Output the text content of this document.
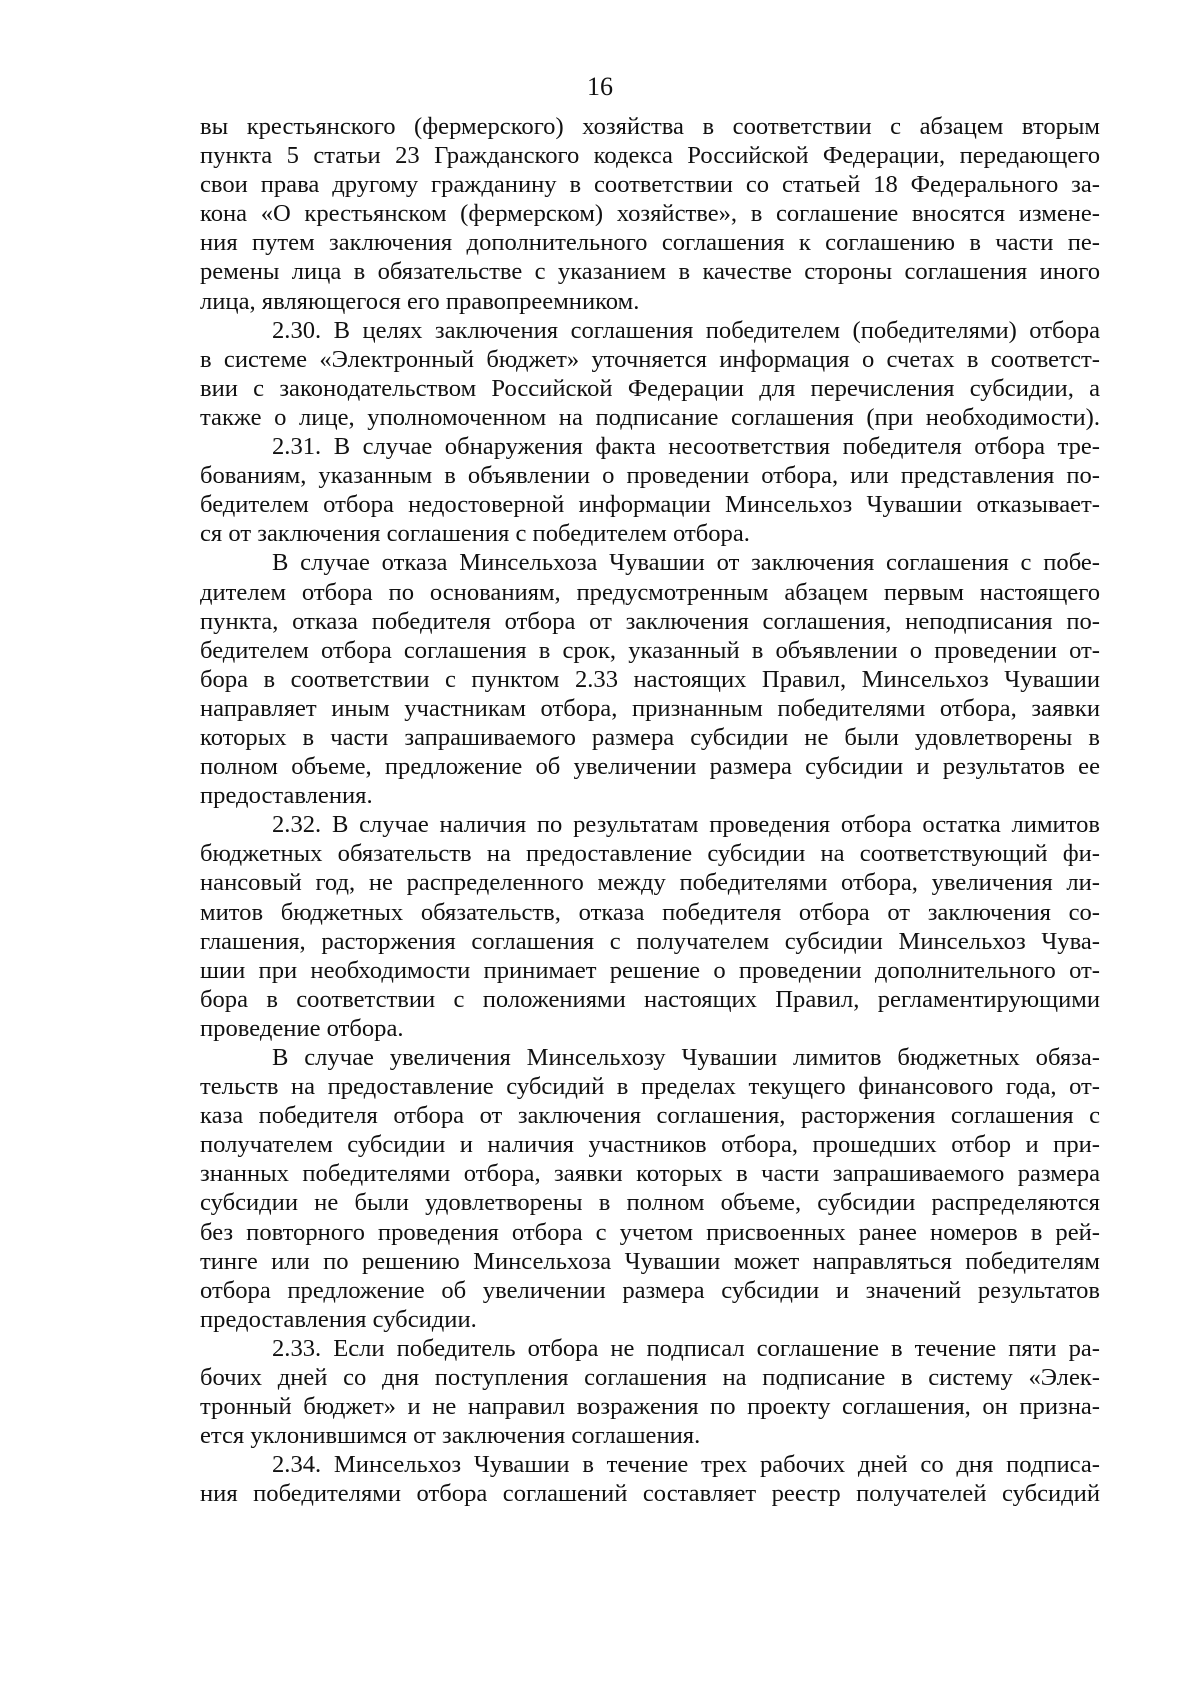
16
вы крестьянского (фермерского) хозяйства в соответствии с абзацем вторым
пункта 5 статьи 23 Гражданского кодекса Российской Федерации, передающего
свои права другому гражданину в соответствии со статьей 18 Федерального за-
кона «О крестьянском (фермерском) хозяйстве», в соглашение вносятся измене-
ния путем заключения дополнительного соглашения к соглашению в части пе-
ремены лица в обязательстве с указанием в качестве стороны соглашения иного
лица, являющегося его правопреемником.
2.30. В целях заключения соглашения победителем (победителями) отбора
в системе «Электронный бюджет» уточняется информация о счетах в соответст-
вии с законодательством Российской Федерации для перечисления субсидии, а
также о лице, уполномоченном на подписание соглашения (при необходимости).
2.31. В случае обнаружения факта несоответствия победителя отбора тре-
бованиям, указанным в объявлении о проведении отбора, или представления по-
бедителем отбора недостоверной информации Минсельхоз Чувашии отказывает-
ся от заключения соглашения с победителем отбора.
В случае отказа Минсельхоза Чувашии от заключения соглашения с побе-
дителем отбора по основаниям, предусмотренным абзацем первым настоящего
пункта, отказа победителя отбора от заключения соглашения, неподписания по-
бедителем отбора соглашения в срок, указанный в объявлении о проведении от-
бора в соответствии с пунктом 2.33 настоящих Правил, Минсельхоз Чувашии
направляет иным участникам отбора, признанным победителями отбора, заявки
которых в части запрашиваемого размера субсидии не были удовлетворены в
полном объеме, предложение об увеличении размера субсидии и результатов ее
предоставления.
2.32. В случае наличия по результатам проведения отбора остатка лимитов
бюджетных обязательств на предоставление субсидии на соответствующий фи-
нансовый год, не распределенного между победителями отбора, увеличения ли-
митов бюджетных обязательств, отказа победителя отбора от заключения со-
глашения, расторжения соглашения с получателем субсидии Минсельхоз Чува-
шии при необходимости принимает решение о проведении дополнительного от-
бора в соответствии с положениями настоящих Правил, регламентирующими
проведение отбора.
В случае увеличения Минсельхозу Чувашии лимитов бюджетных обяза-
тельств на предоставление субсидий в пределах текущего финансового года, от-
каза победителя отбора от заключения соглашения, расторжения соглашения с
получателем субсидии и наличия участников отбора, прошедших отбор и при-
знанных победителями отбора, заявки которых в части запрашиваемого размера
субсидии не были удовлетворены в полном объеме, субсидии распределяются
без повторного проведения отбора с учетом присвоенных ранее номеров в рей-
тинге или по решению Минсельхоза Чувашии может направляться победителям
отбора предложение об увеличении размера субсидии и значений результатов
предоставления субсидии.
2.33. Если победитель отбора не подписал соглашение в течение пяти ра-
бочих дней со дня поступления соглашения на подписание в систему «Элек-
тронный бюджет» и не направил возражения по проекту соглашения, он призна-
ется уклонившимся от заключения соглашения.
2.34. Минсельхоз Чувашии в течение трех рабочих дней со дня подписа-
ния победителями отбора соглашений составляет реестр получателей субсидий
